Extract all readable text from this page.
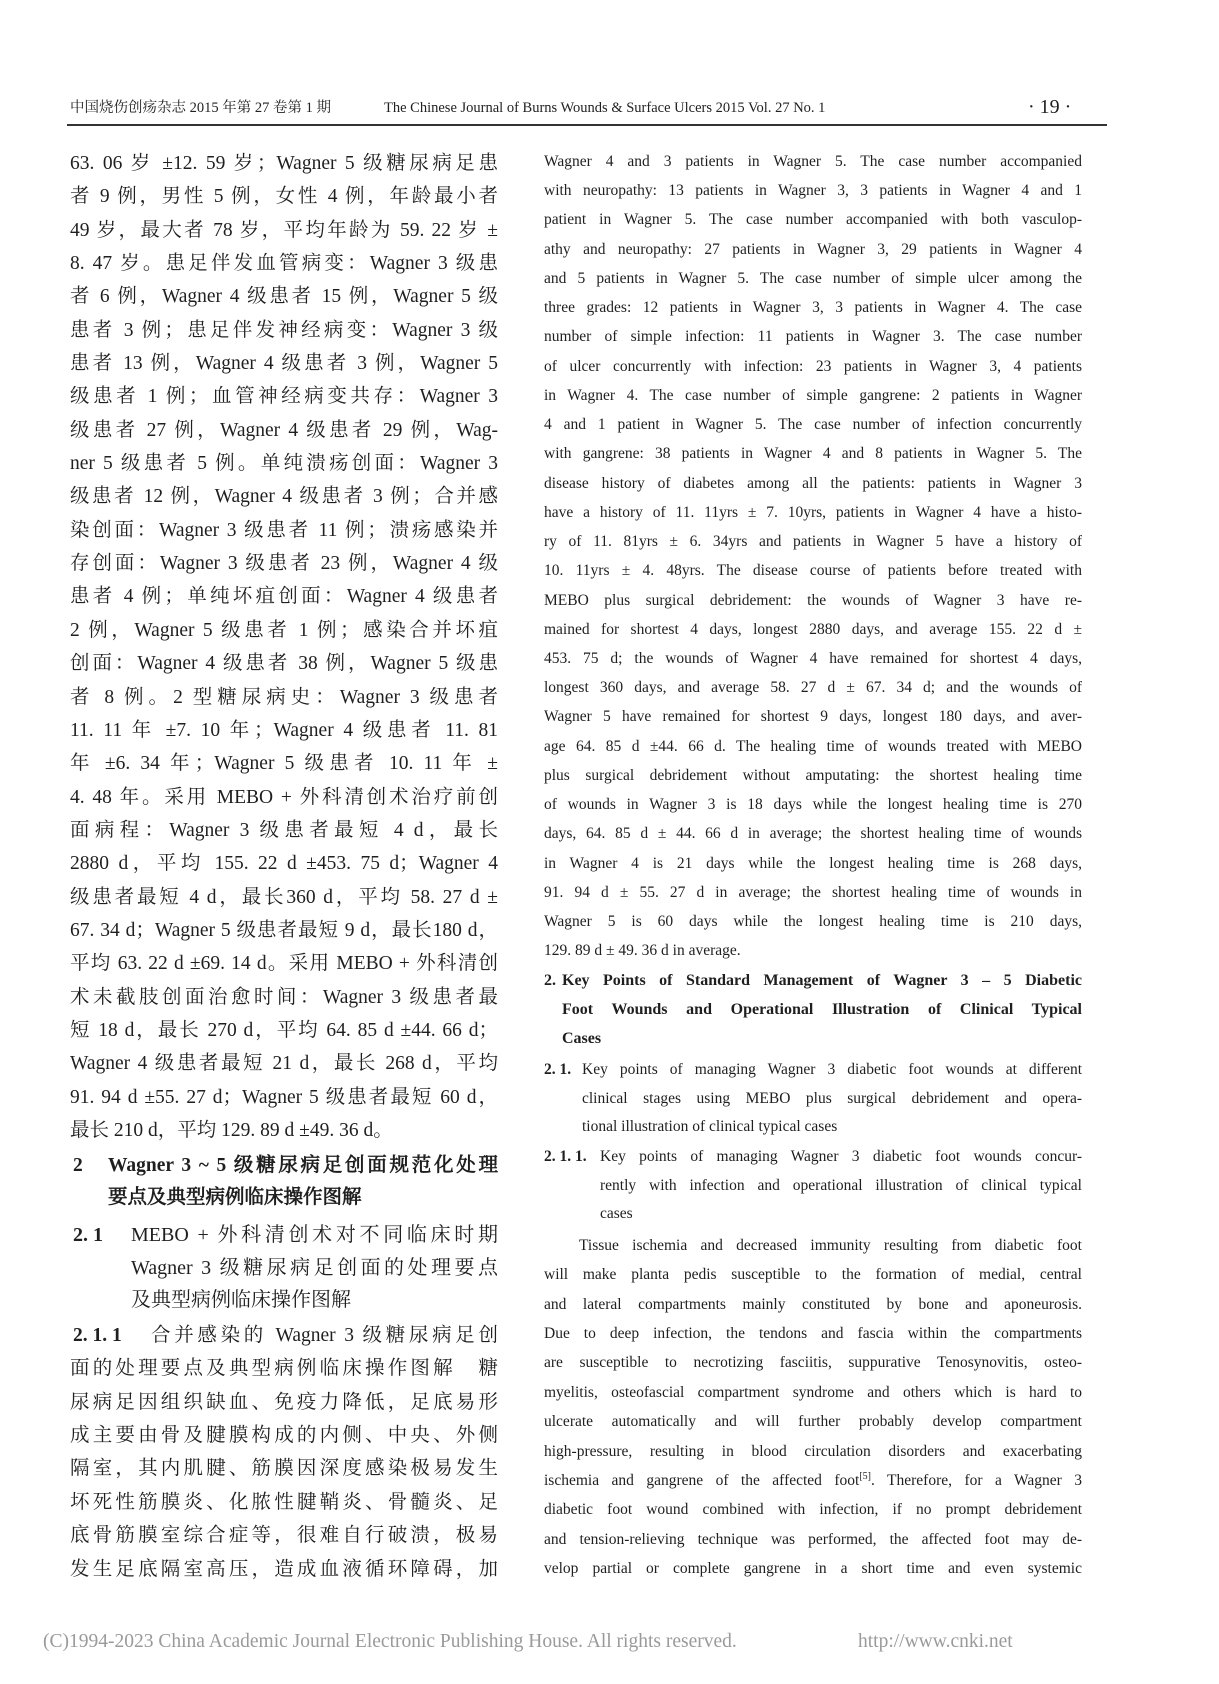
中国烧伤创疡杂志 2015 年第 27 卷第 1 期	The Chinese Journal of Burns Wounds & Surface Ulcers 2015 Vol. 27 No. 1	· 19 ·
63. 06 岁 ±12. 59 岁；Wagner 5 级糖尿病足患
者 9 例，男性 5 例，女性 4 例，年龄最小者
49 岁，最大者 78 岁，平均年龄为 59. 22 岁 ±
8. 47 岁。患足伴发血管病变：Wagner 3 级患
者 6 例，Wagner 4 级患者 15 例，Wagner 5 级
患者 3 例；患足伴发神经病变：Wagner 3 级
患者 13 例，Wagner 4 级患者 3 例，Wagner 5
级患者 1 例；血管神经病变共存：Wagner 3
级患者 27 例，Wagner 4 级患者 29 例，Wag-
ner 5 级患者 5 例。单纯溃疡创面：Wagner 3
级患者 12 例，Wagner 4 级患者 3 例；合并感
染创面：Wagner 3 级患者 11 例；溃疡感染并
存创面：Wagner 3 级患者 23 例，Wagner 4 级
患者 4 例；单纯坏疽创面：Wagner 4 级患者
2 例，Wagner 5 级患者 1 例；感染合并坏疽
创面：Wagner 4 级患者 38 例，Wagner 5 级患
者 8 例。2 型糖尿病史：Wagner 3 级患者
11. 11 年 ±7. 10 年；Wagner 4 级患者 11. 81
年 ±6. 34 年；Wagner 5 级患者 10. 11 年 ±
4. 48 年。采用 MEBO + 外科清创术治疗前创
面病程：Wagner 3 级患者最短 4 d，最长
2880 d，平均 155. 22 d ±453. 75 d；Wagner 4
级患者最短 4 d，最长360 d，平均 58. 27 d ±
67. 34 d；Wagner 5 级患者最短 9 d，最长180 d，
平均 63. 22 d ±69. 14 d。采用 MEBO + 外科清创
术未截肢创面治愈时间：Wagner 3 级患者最
短 18 d，最长 270 d，平均 64. 85 d ±44. 66 d；
Wagner 4 级患者最短 21 d，最长 268 d，平均
91. 94 d ±55. 27 d；Wagner 5 级患者最短 60 d，
最长 210 d，平均 129. 89 d ±49. 36 d。
2 Wagner 3 ~ 5 级糖尿病足创面规范化处理
要点及典型病例临床操作图解
2. 1 MEBO + 外科清创术对不同临床时期
Wagner 3 级糖尿病足创面的处理要点
及典型病例临床操作图解
2. 1. 1 合并感染的 Wagner 3 级糖尿病足创
面的处理要点及典型病例临床操作图解　糖
尿病足因组织缺血、免疫力降低，足底易形
成主要由骨及腱膜构成的内侧、中央、外侧
隔室，其内肌腱、筋膜因深度感染极易发生
坏死性筋膜炎、化脓性腱鞘炎、骨髓炎、足
底骨筋膜室综合症等，很难自行破溃，极易
发生足底隔室高压，造成血液循环障碍，加
Wagner 4 and 3 patients in Wagner 5. The case number accompanied
with neuropathy: 13 patients in Wagner 3, 3 patients in Wagner 4 and 1
patient in Wagner 5. The case number accompanied with both vasculop-
athy and neuropathy: 27 patients in Wagner 3, 29 patients in Wagner 4
and 5 patients in Wagner 5. The case number of simple ulcer among the
three grades: 12 patients in Wagner 3, 3 patients in Wagner 4. The case
number of simple infection: 11 patients in Wagner 3. The case number
of ulcer concurrently with infection: 23 patients in Wagner 3, 4 patients
in Wagner 4. The case number of simple gangrene: 2 patients in Wagner
4 and 1 patient in Wagner 5. The case number of infection concurrently
with gangrene: 38 patients in Wagner 4 and 8 patients in Wagner 5. The
disease history of diabetes among all the patients: patients in Wagner 3
have a history of 11. 11yrs ± 7. 10yrs, patients in Wagner 4 have a histo-
ry of 11. 81yrs ± 6. 34yrs and patients in Wagner 5 have a history of
10. 11yrs ± 4. 48yrs. The disease course of patients before treated with
MEBO plus surgical debridement: the wounds of Wagner 3 have re-
mained for shortest 4 days, longest 2880 days, and average 155. 22 d ±
453. 75 d; the wounds of Wagner 4 have remained for shortest 4 days,
longest 360 days, and average 58. 27 d ± 67. 34 d; and the wounds of
Wagner 5 have remained for shortest 9 days, longest 180 days, and aver-
age 64. 85 d ±44. 66 d. The healing time of wounds treated with MEBO
plus surgical debridement without amputating: the shortest healing time
of wounds in Wagner 3 is 18 days while the longest healing time is 270
days, 64. 85 d ± 44. 66 d in average; the shortest healing time of wounds
in Wagner 4 is 21 days while the longest healing time is 268 days,
91. 94 d ± 55. 27 d in average; the shortest healing time of wounds in
Wagner 5 is 60 days while the longest healing time is 210 days,
129. 89 d ± 49. 36 d in average.
2. Key Points of Standard Management of Wagner 3 – 5 Diabetic
Foot Wounds and Operational Illustration of Clinical Typical
Cases
2. 1. Key points of managing Wagner 3 diabetic foot wounds at different
clinical stages using MEBO plus surgical debridement and opera-
tional illustration of clinical typical cases
2. 1. 1. Key points of managing Wagner 3 diabetic foot wounds concur-
rently with infection and operational illustration of clinical typical
cases
Tissue ischemia and decreased immunity resulting from diabetic foot
will make planta pedis susceptible to the formation of medial, central
and lateral compartments mainly constituted by bone and aponeurosis.
Due to deep infection, the tendons and fascia within the compartments
are susceptible to necrotizing fasciitis, suppurative Tenosynovitis, osteo-
myelitis, osteofascial compartment syndrome and others which is hard to
ulcerate automatically and will further probably develop compartment
high-pressure, resulting in blood circulation disorders and exacerbating
ischemia and gangrene of the affected foot[5]. Therefore, for a Wagner 3
diabetic foot wound combined with infection, if no prompt debridement
and tension-relieving technique was performed, the affected foot may de-
velop partial or complete gangrene in a short time and even systemic
(C)1994-2023 China Academic Journal Electronic Publishing House. All rights reserved.	http://www.cnki.net
